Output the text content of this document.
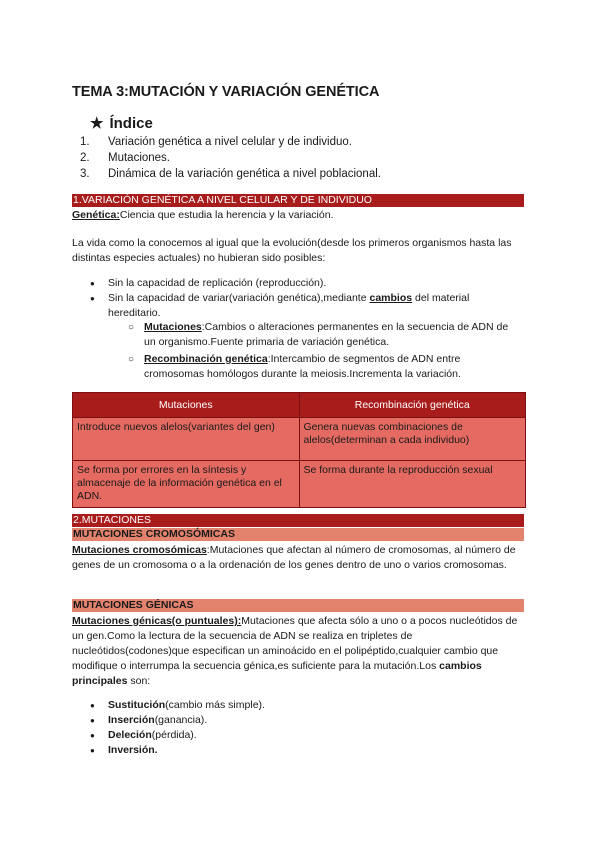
TEMA 3:MUTACIÓN Y VARIACIÓN GENÉTICA
★ Índice
1.	Variación genética a nivel celular y de individuo.
2.	Mutaciones.
3.	Dinámica de la variación genética a nivel poblacional.
1.VARIACIÓN GENÉTICA A NIVEL CELULAR Y DE INDIVIDUO
Genética:Ciencia que estudia la herencia y la variación.
La vida como la conocemos al igual que la evolución(desde los primeros organismos hasta las distintas especies actuales) no hubieran sido posibles:
● Sin la capacidad de replicación (reproducción).
● Sin la capacidad de variar(variación genética),mediante cambios del material hereditario.
○ Mutaciones:Cambios o alteraciones permanentes en la secuencia de ADN de un organismo.Fuente primaria de variación genética.
○ Recombinación genética:Intercambio de segmentos de ADN entre cromosomas homólogos durante la meiosis.Incrementa la variación.
Mutaciones	Recombinación genética
Introduce nuevos alelos(variantes del gen)	Genera nuevas combinaciones de alelos(determinan a cada individuo)
Se forma por errores en la síntesis y almacenaje de la información genética en el ADN.	Se forma durante la reproducción sexual
2.MUTACIONES
MUTACIONES CROMOSÓMICAS
Mutaciones cromosómicas:Mutaciones que afectan al número de cromosomas, al número de genes de un cromosoma o a la ordenación de los genes dentro de uno o varios cromosomas.
MUTACIONES GÉNICAS
Mutaciones génicas(o puntuales):Mutaciones que afecta sólo a uno o a pocos nucleótidos de un gen.Como la lectura de la secuencia de ADN se realiza en tripletes de nucleótidos(codones)que especifican un aminoácido en el polipéptido,cualquier cambio que modifique o interrumpa la secuencia génica,es suficiente para la mutación.Los cambios principales son:
● Sustitución(cambio más simple).
● Inserción(ganancia).
● Deleción(pérdida).
● Inversión.
